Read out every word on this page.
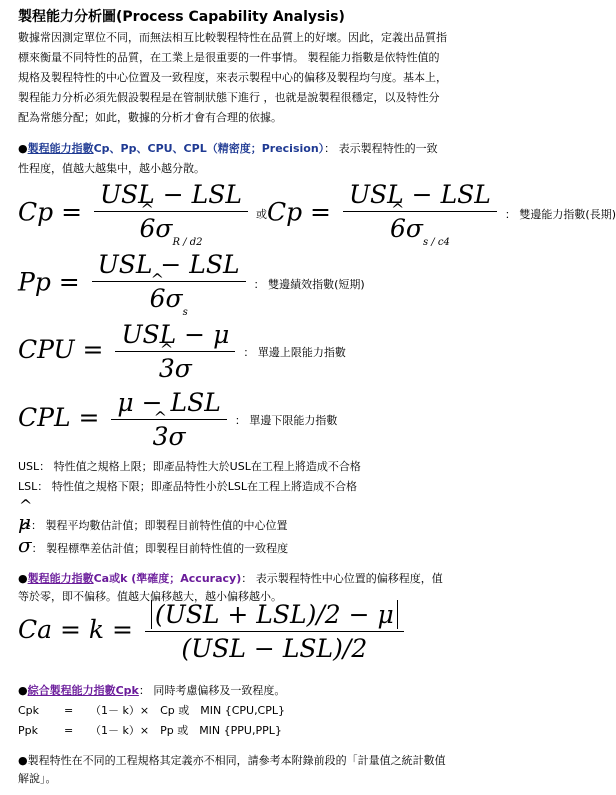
製程能力分析圖(Process Capability Analysis)
數據常因測定單位不同，而無法相互比較製程特性在品質上的好壞。因此，定義出品質指
標來衡量不同特性的品質，在工業上是很重要的一件事情。 製程能力指數是依特性值的
規格及製程特性的中心位置及一致程度，來表示製程中心的偏移及製程均勻度。基本上，
製程能力分析必須先假設製程是在管制狀態下進行 ，也就是說製程很穩定，以及特性分
配為常態分配；如此，數據的分析才會有合理的依據。
●製程能力指數Cp、Pp、CPU、CPL（精密度；Precision）： 表示製程特性的一致
性程度，值越大越集中，越小越分散。
Cp = USL − LSL
^ $6\sigma_{R / d2}$ 或Cp = USL − LSL
^ $6\sigma_{s / c4}$ ： 雙邊能力指數(長期)
Pp = USL − LSL
^ $6\sigma_s$ ： 雙邊績效指數(短期)
CPU = USL − μ
^ 3σ ： 單邊上限能力指數
CPL = μ − LSL
^ 3σ ： 單邊下限能力指數
USL： 特性值之規格上限；即產品特性大於USL在工程上將造成不合格
LSL： 特性值之規格下限；即產品特性小於LSL在工程上將造成不合格
^ μ： 製程平均數估計值；即製程目前特性值的中心位置
^ σ： 製程標準差估計值；即製程目前特性值的一致程度
●製程能力指數Ca或k (準確度；Accuracy)： 表示製程特性中心位置的偏移程度，值
等於零，即不偏移。值越大偏移越大，越小偏移越小。
$Ca = k = \frac{\text{(USL + LSL)/2 − μ}}{\text{(USL − LSL)/2}}$
●綜合製程能力指數Cpk： 同時考慮偏移及一致程度。
Cpk = （1－ k）×　Cp 或　MIN {CPU,CPL}
Ppk = （1－ k）×　Pp 或　MIN {PPU,PPL}
●製程特性在不同的工程規格其定義亦不相同，請參考本附錄前段的「計量值之統計數值
解說」。
